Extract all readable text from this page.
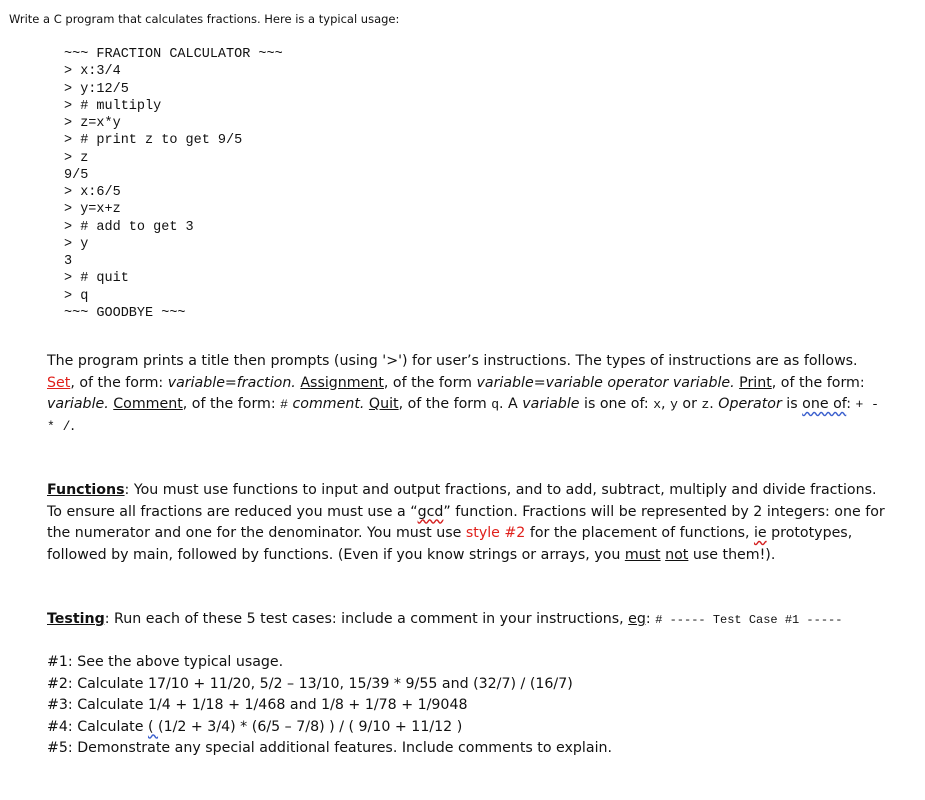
Write a C program that calculates fractions. Here is a typical usage:
~~~ FRACTION CALCULATOR ~~~
> x:3/4
> y:12/5
> # multiply
> z=x*y
> # print z to get 9/5
> z
9/5
> x:6/5
> y=x+z
> # add to get 3
> y
3
> # quit
> q
~~~ GOODBYE ~~~
The program prints a title then prompts (using '>') for user’s instructions. The types of instructions are as follows. Set, of the form: variable=fraction. Assignment, of the form variable=variable operator variable. Print, of the form: variable. Comment, of the form: # comment. Quit, of the form q. A variable is one of: x, y or z. Operator is one of: + - * /.
Functions: You must use functions to input and output fractions, and to add, subtract, multiply and divide fractions. To ensure all fractions are reduced you must use a “gcd” function. Fractions will be represented by 2 integers: one for the numerator and one for the denominator. You must use style #2 for the placement of functions, ie prototypes, followed by main, followed by functions. (Even if you know strings or arrays, you must not use them!).
Testing: Run each of these 5 test cases: include a comment in your instructions, eg: # ----- Test Case #1 -----
#1: See the above typical usage.
#2: Calculate 17/10 + 11/20, 5/2 – 13/10, 15/39 * 9/55 and (32/7) / (16/7)
#3: Calculate 1/4 + 1/18 + 1/468 and 1/8 + 1/78 + 1/9048
#4: Calculate ( (1/2 + 3/4) * (6/5 – 7/8) ) / ( 9/10 + 11/12 )
#5: Demonstrate any special additional features. Include comments to explain.
